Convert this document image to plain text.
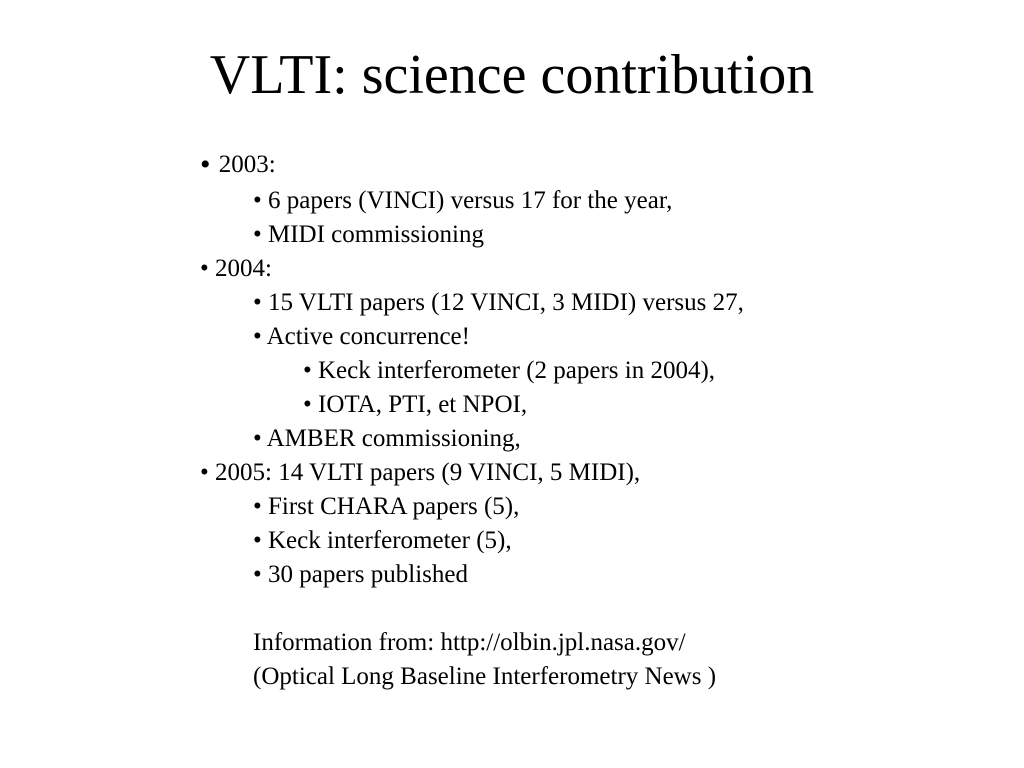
VLTI: science contribution
• 2003:
• 6 papers (VINCI) versus 17 for the year,
• MIDI commissioning
• 2004:
• 15 VLTI papers (12 VINCI, 3 MIDI) versus 27,
• Active concurrence!
• Keck interferometer (2 papers in 2004),
• IOTA, PTI, et NPOI,
• AMBER commissioning,
• 2005: 14 VLTI papers (9 VINCI, 5 MIDI),
• First CHARA papers (5),
• Keck interferometer (5),
• 30 papers published
Information from: http://olbin.jpl.nasa.gov/
(Optical Long Baseline Interferometry News )
